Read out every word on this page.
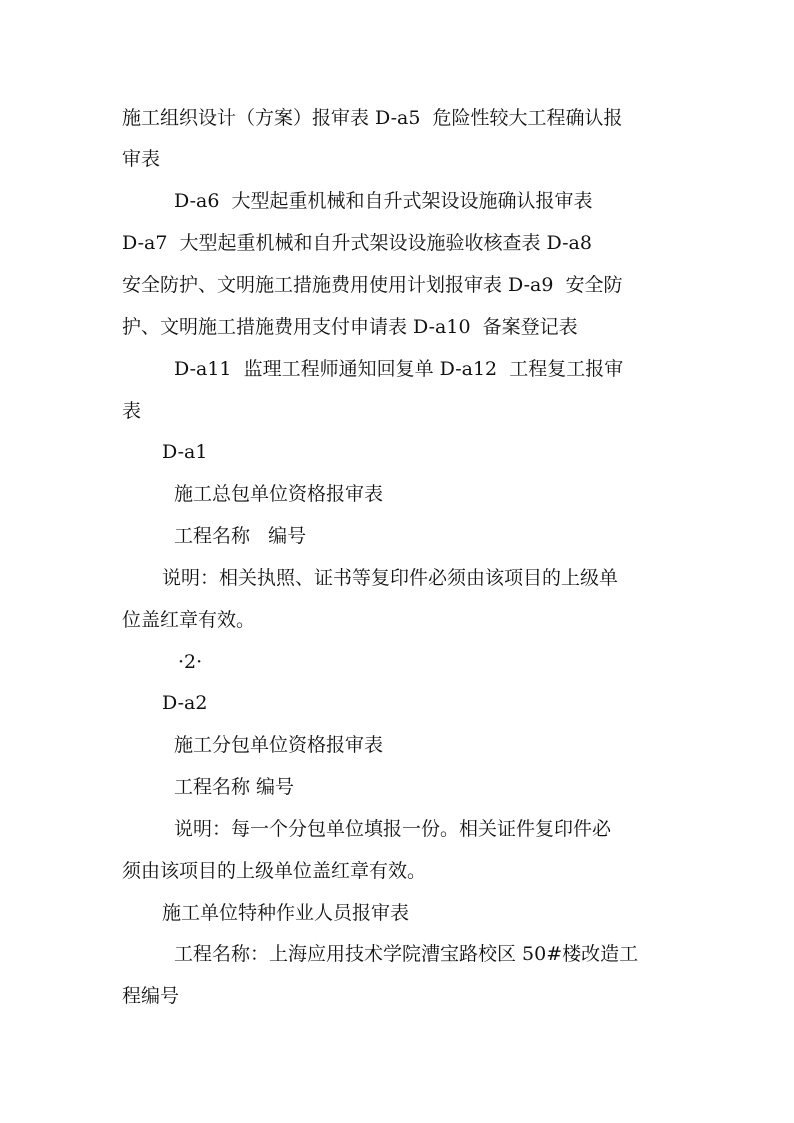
施工组织设计（方案）报审表 D-a5  危险性较大工程确认报
审表
D-a6  大型起重机械和自升式架设设施确认报审表
D-a7  大型起重机械和自升式架设设施验收核查表 D-a8
安全防护、文明施工措施费用使用计划报审表 D-a9  安全防
护、文明施工措施费用支付申请表 D-a10  备案登记表
D-a11  监理工程师通知回复单 D-a12  工程复工报审
表
D-a1
施工总包单位资格报审表
工程名称   编号
说明：相关执照、证书等复印件必须由该项目的上级单
位盖红章有效。
·2·
D-a2
施工分包单位资格报审表
工程名称 编号
说明：每一个分包单位填报一份。相关证件复印件必
须由该项目的上级单位盖红章有效。
施工单位特种作业人员报审表
工程名称：上海应用技术学院漕宝路校区 50#楼改造工
程编号
